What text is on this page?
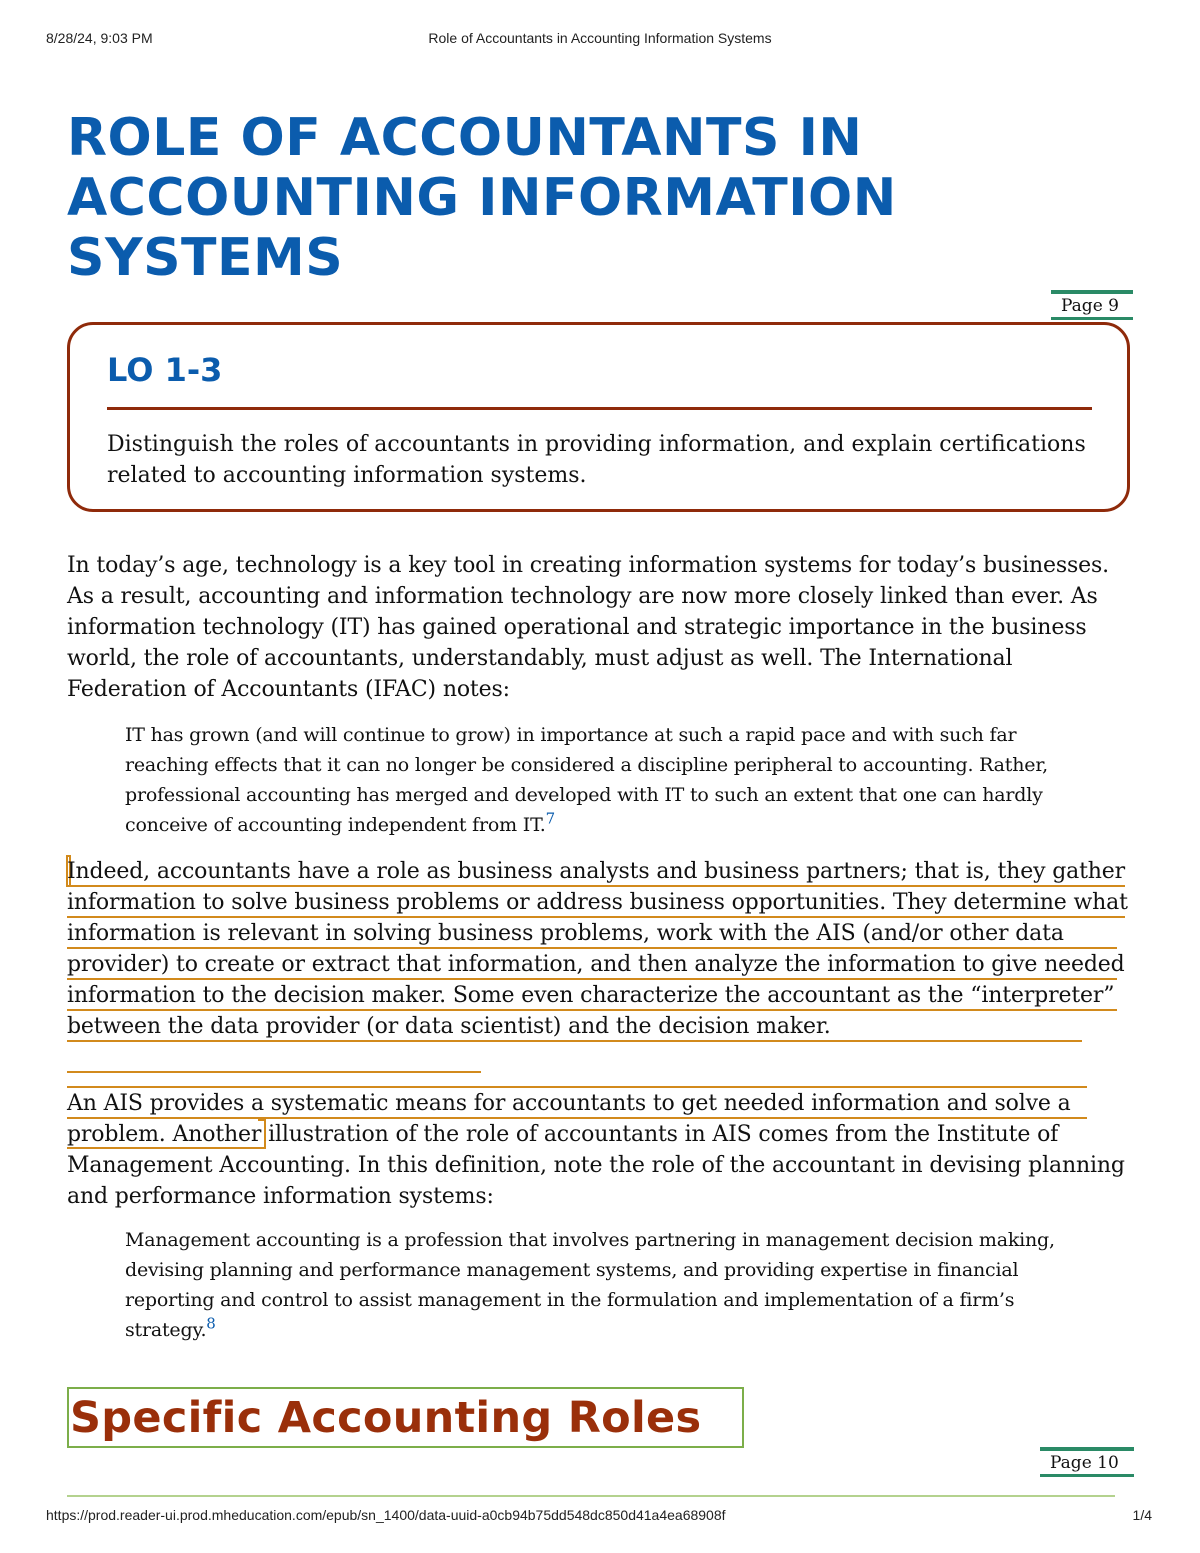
8/28/24, 9:03 PM	Role of Accountants in Accounting Information Systems
ROLE OF ACCOUNTANTS IN ACCOUNTING INFORMATION SYSTEMS
Page 9
LO 1-3

Distinguish the roles of accountants in providing information, and explain certifications related to accounting information systems.

In today’s age, technology is a key tool in creating information systems for today’s businesses. As a result, accounting and information technology are now more closely linked than ever. As information technology (IT) has gained operational and strategic importance in the business world, the role of accountants, understandably, must adjust as well. The International Federation of Accountants (IFAC) notes:

IT has grown (and will continue to grow) in importance at such a rapid pace and with such far reaching effects that it can no longer be considered a discipline peripheral to accounting. Rather, professional accounting has merged and developed with IT to such an extent that one can hardly conceive of accounting independent from IT.$^7$

Indeed, accountants have a role as business analysts and business partners; that is, they gather information to solve business problems or address business opportunities. They determine what information is relevant in solving business problems, work with the AIS (and/or other data provider) to create or extract that information, and then analyze the information to give needed information to the decision maker. Some even characterize the accountant as the “interpreter” between the data provider (or data scientist) and the decision maker.

An AIS provides a systematic means for accountants to get needed information and solve a problem. Another illustration of the role of accountants in AIS comes from the Institute of Management Accounting. In this definition, note the role of the accountant in devising planning and performance information systems:

Management accounting is a profession that involves partnering in management decision making, devising planning and performance management systems, and providing expertise in financial reporting and control to assist management in the formulation and implementation of a firm’s strategy.$^8$

Specific Accounting Roles
Page 10
https://prod.reader-ui.prod.mheducation.com/epub/sn_1400/data-uuid-a0cb94b75dd548dc850d41a4ea68908f	1/4
